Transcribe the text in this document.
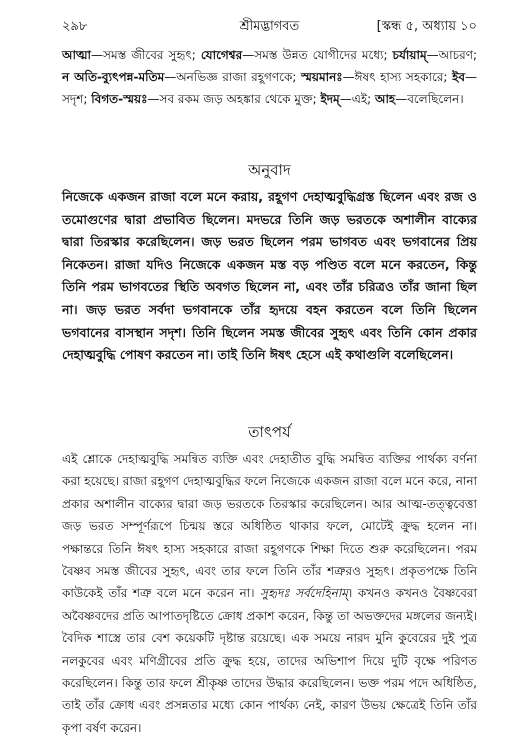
২৯৮	শ্রীমদ্ভাগবত	[স্কন্ধ ৫, অধ্যায় ১০
আত্মা—সমস্ত জীবের সুহৃৎ; যোগেশ্বর—সমস্ত উন্নত যোগীদের মধ্যে; চর্যায়াম্—আচরণ; ন অতি-ব্যুৎপন্ন-মতিম—অনভিজ্ঞ রাজা রহূগণকে; স্ময়মানঃ—ঈষৎ হাস্য সহকারে; ইব—সদৃশ; বিগত-স্ময়ঃ—সব রকম জড় অহঙ্কার থেকে মুক্ত; ইদম্—এই; আহ—বলেছিলেন।
অনুবাদ
নিজেকে একজন রাজা বলে মনে করায়, রহূগণ দেহাত্মবুদ্ধিগ্রস্ত ছিলেন এবং রজ ও তমোগুণের দ্বারা প্রভাবিত ছিলেন। মদভরে তিনি জড় ভরতকে অশালীন বাক্যের দ্বারা তিরস্কার করেছিলেন। জড় ভরত ছিলেন পরম ভাগবত এবং ভগবানের প্রিয় নিকেতন। রাজা যদিও নিজেকে একজন মস্ত বড় পণ্ডিত বলে মনে করতেন, কিন্তু তিনি পরম ভাগবতের স্থিতি অবগত ছিলেন না, এবং তাঁর চরিত্রও তাঁর জানা ছিল না। জড় ভরত সর্বদা ভগবানকে তাঁর হৃদয়ে বহন করতেন বলে তিনি ছিলেন ভগবানের বাসস্থান সদৃশ। তিনি ছিলেন সমস্ত জীবের সুহৃৎ এবং তিনি কোন প্রকার দেহাত্মবুদ্ধি পোষণ করতেন না। তাই তিনি ঈষৎ হেসে এই কথাগুলি বলেছিলেন।
তাৎপর্য
এই শ্লোকে দেহাত্মবুদ্ধি সমন্বিত ব্যক্তি এবং দেহাতীত বুদ্ধি সমন্বিত ব্যক্তির পার্থক্য বর্ণনা করা হয়েছে। রাজা রহূগণ দেহাত্মবুদ্ধির ফলে নিজেকে একজন রাজা বলে মনে করে, নানা প্রকার অশালীন বাক্যের দ্বারা জড় ভরতকে তিরস্কার করেছিলেন। আর আত্ম-তত্ত্ববেত্তা জড় ভরত সম্পূর্ণরূপে চিন্ময় স্তরে অধিষ্ঠিত থাকার ফলে, মোটেই ক্রুদ্ধ হলেন না। পক্ষান্তরে তিনি ঈষৎ হাস্য সহকারে রাজা রহূগণকে শিক্ষা দিতে শুরু করেছিলেন। পরম বৈষ্ণব সমস্ত জীবের সুহৃৎ, এবং তার ফলে তিনি তাঁর শত্রুরও সুহৃৎ। প্রকৃতপক্ষে তিনি কাউকেই তাঁর শত্রু বলে মনে করেন না। সুহৃদঃ সর্বদেহিনাম্। কখনও কখনও বৈষ্ণবেরা অবৈষ্ণবদের প্রতি আপাতদৃষ্টিতে ক্রোধ প্রকাশ করেন, কিন্তু তা অভক্তদের মঙ্গলের জন্যই। বৈদিক শাস্ত্রে তার বেশ কয়েকটি দৃষ্টান্ত রয়েছে। এক সময়ে নারদ মুনি কুবেরের দুই পুত্র নলকুবের এবং মণিগ্রীবের প্রতি ক্রুদ্ধ হয়ে, তাদের অভিশাপ দিয়ে দুটি বৃক্ষে পরিণত করেছিলেন। কিন্তু তার ফলে শ্রীকৃষ্ণ তাদের উদ্ধার করেছিলেন। ভক্ত পরম পদে অধিষ্ঠিত, তাই তাঁর ক্রোধ এবং প্রসন্নতার মধ্যে কোন পার্থক্য নেই, কারণ উভয় ক্ষেত্রেই তিনি তাঁর কৃপা বর্ষণ করেন।
